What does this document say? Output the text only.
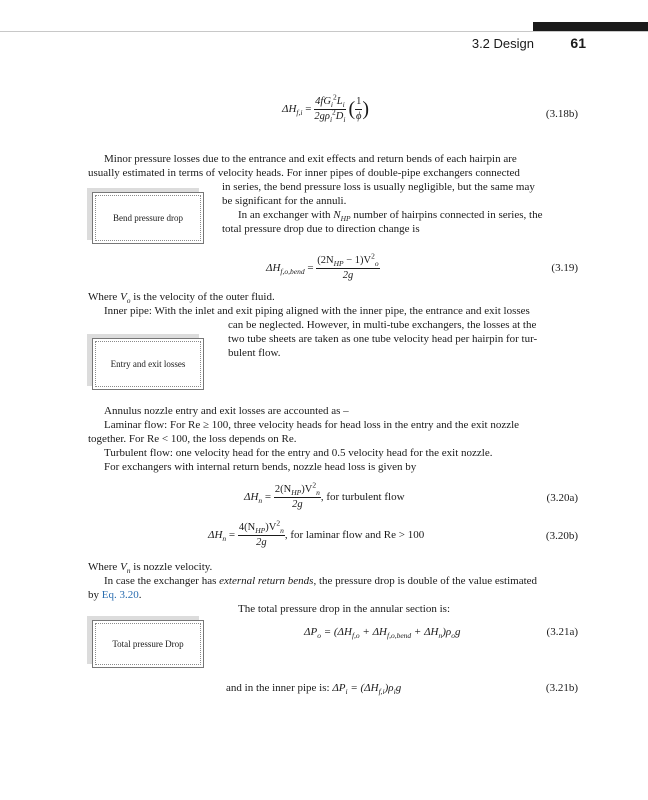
3.2 Design	61
$\Delta H_{f,i} = \frac{4fG_i^2L_i}{2g\rho_i^2D_i}$ ( $\frac{1}{\phi}$ )	(3.18b)
Minor pressure losses due to the entrance and exit effects and return bends of each hairpin are
usually estimated in terms of velocity heads. For inner pipes of double-pipe exchangers connected
in series, the bend pressure loss is usually negligible, but the same may
be significant for the annuli.
In an exchanger with $N_{HP}$ number of hairpins connected in series, the
total pressure drop due to direction change is
Bend pressure drop
$\Delta H_{f,o,bend} = \frac{(2N_{HP} - 1)V^2_o}{2g}$	(3.19)
Where $V_o$ is the velocity of the outer fluid.
Inner pipe: With the inlet and exit piping aligned with the inner pipe, the entrance and exit losses
can be neglected. However, in multi-tube exchangers, the losses at the
two tube sheets are taken as one tube velocity head per hairpin for tur-
bulent flow.
Entry and exit losses
Annulus nozzle entry and exit losses are accounted as –
Laminar flow: For Re ≥ 100, three velocity heads for head loss in the entry and the exit nozzle
together. For Re < 100, the loss depends on Re.
Turbulent flow: one velocity head for the entry and 0.5 velocity head for the exit nozzle.
For exchangers with internal return bends, nozzle head loss is given by
$\Delta H_n = \frac{2(N_{HP})V^2_n}{2g}$ , for turbulent flow	(3.20a)
$\Delta H_n = \frac{4(N_{HP})V^2_n}{2g}$ , for laminar flow and Re > 100	(3.20b)
Where $V_n$ is nozzle velocity.
In case the exchanger has external return bends, the pressure drop is double of the value estimated
by Eq. 3.20.
The total pressure drop in the annular section is:
$\Delta P_o = (\Delta H_{f,o} + \Delta H_{f,o,bend} + \Delta H_n)\rho_og$	(3.21a)
Total pressure Drop
and in the inner pipe is: $\Delta P_i = (\Delta H_{f,i})\rho_ig$	(3.21b)
